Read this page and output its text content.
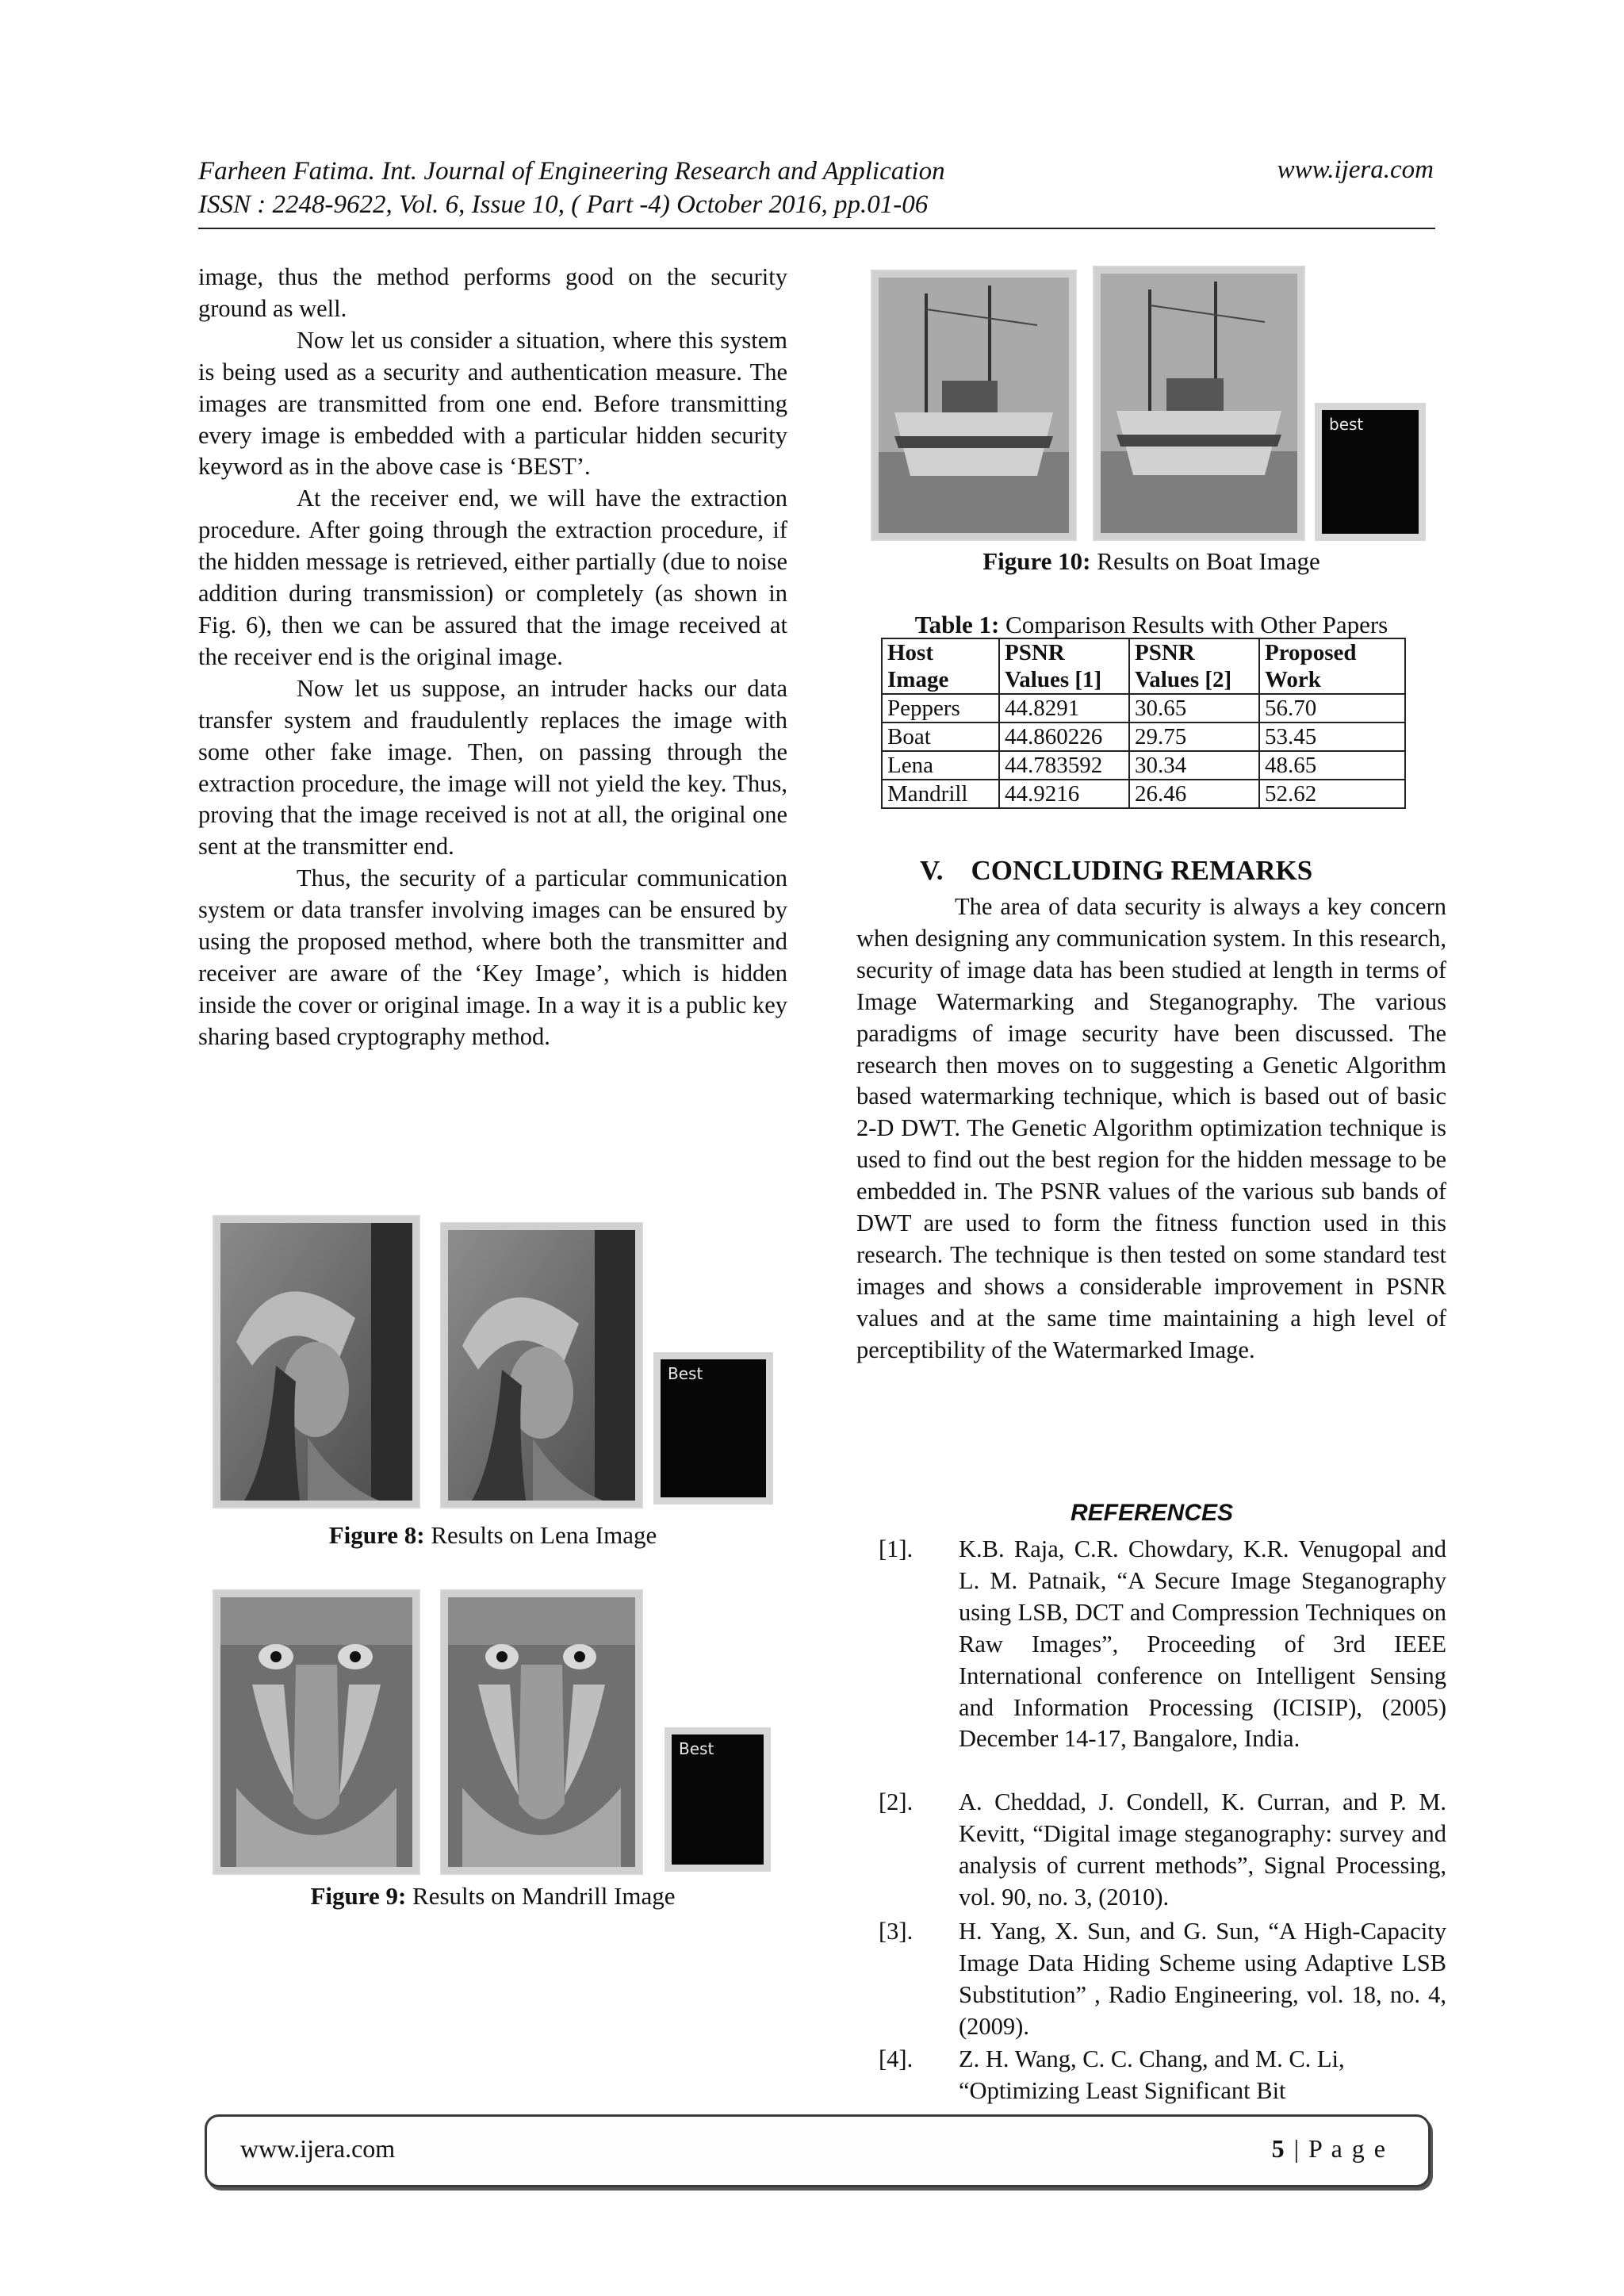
Farheen Fatima. Int. Journal of Engineering Research and Application
ISSN : 2248-9622, Vol. 6, Issue 10, ( Part -4) October 2016, pp.01-06
www.ijera.com

image, thus the method performs good on the security ground as well.

Now let us consider a situation, where this system is being used as a security and authentication measure. The images are transmitted from one end. Before transmitting every image is embedded with a particular hidden security keyword as in the above case is ‘BEST’.

At the receiver end, we will have the extraction procedure. After going through the extraction procedure, if the hidden message is retrieved, either partially (due to noise addition during transmission) or completely (as shown in Fig. 6), then we can be assured that the image received at the receiver end is the original image.

Now let us suppose, an intruder hacks our data transfer system and fraudulently replaces the image with some other fake image. Then, on passing through the extraction procedure, the image will not yield the key. Thus, proving that the image received is not at all, the original one sent at the transmitter end.

Thus, the security of a particular communication system or data transfer involving images can be ensured by using the proposed method, where both the transmitter and receiver are aware of the ‘Key Image’, which is hidden inside the cover or original image. In a way it is a public key sharing based cryptography method.

Best
Figure 8: Results on Lena Image
Best
Figure 9: Results on Mandrill Image
best
Figure 10: Results on Boat Image
Table 1: Comparison Results with Other Papers
Host Image	PSNR Values [1]	PSNR Values [2]	Proposed Work
Peppers	44.8291	30.65	56.70
Boat	44.860226	29.75	53.45
Lena	44.783592	30.34	48.65
Mandrill	44.9216	26.46	52.62
V. CONCLUDING REMARKS

The area of data security is always a key concern when designing any communication system. In this research, security of image data has been studied at length in terms of Image Watermarking and Steganography. The various paradigms of image security have been discussed. The research then moves on to suggesting a Genetic Algorithm based watermarking technique, which is based out of basic 2-D DWT. The Genetic Algorithm optimization technique is used to find out the best region for the hidden message to be embedded in. The PSNR values of the various sub bands of DWT are used to form the fitness function used in this research. The technique is then tested on some standard test images and shows a considerable improvement in PSNR values and at the same time maintaining a high level of perceptibility of the Watermarked Image.

REFERENCES
[1]. K.B. Raja, C.R. Chowdary, K.R. Venugopal and L. M. Patnaik, “A Secure Image Steganography using LSB, DCT and Compression Techniques on Raw Images”, Proceeding of 3rd IEEE International conference on Intelligent Sensing and Information Processing (ICISIP), (2005) December 14-17, Bangalore, India.
[2]. A. Cheddad, J. Condell, K. Curran, and P. M. Kevitt, “Digital image steganography: survey and analysis of current methods”, Signal Processing, vol. 90, no. 3, (2010).
[3]. H. Yang, X. Sun, and G. Sun, “A High-Capacity Image Data Hiding Scheme using Adaptive LSB Substitution” , Radio Engineering, vol. 18, no. 4, (2009).
[4]. Z. H. Wang, C. C. Chang, and M. C. Li, “Optimizing Least Significant Bit
www.ijera.com	5 | P a g e
